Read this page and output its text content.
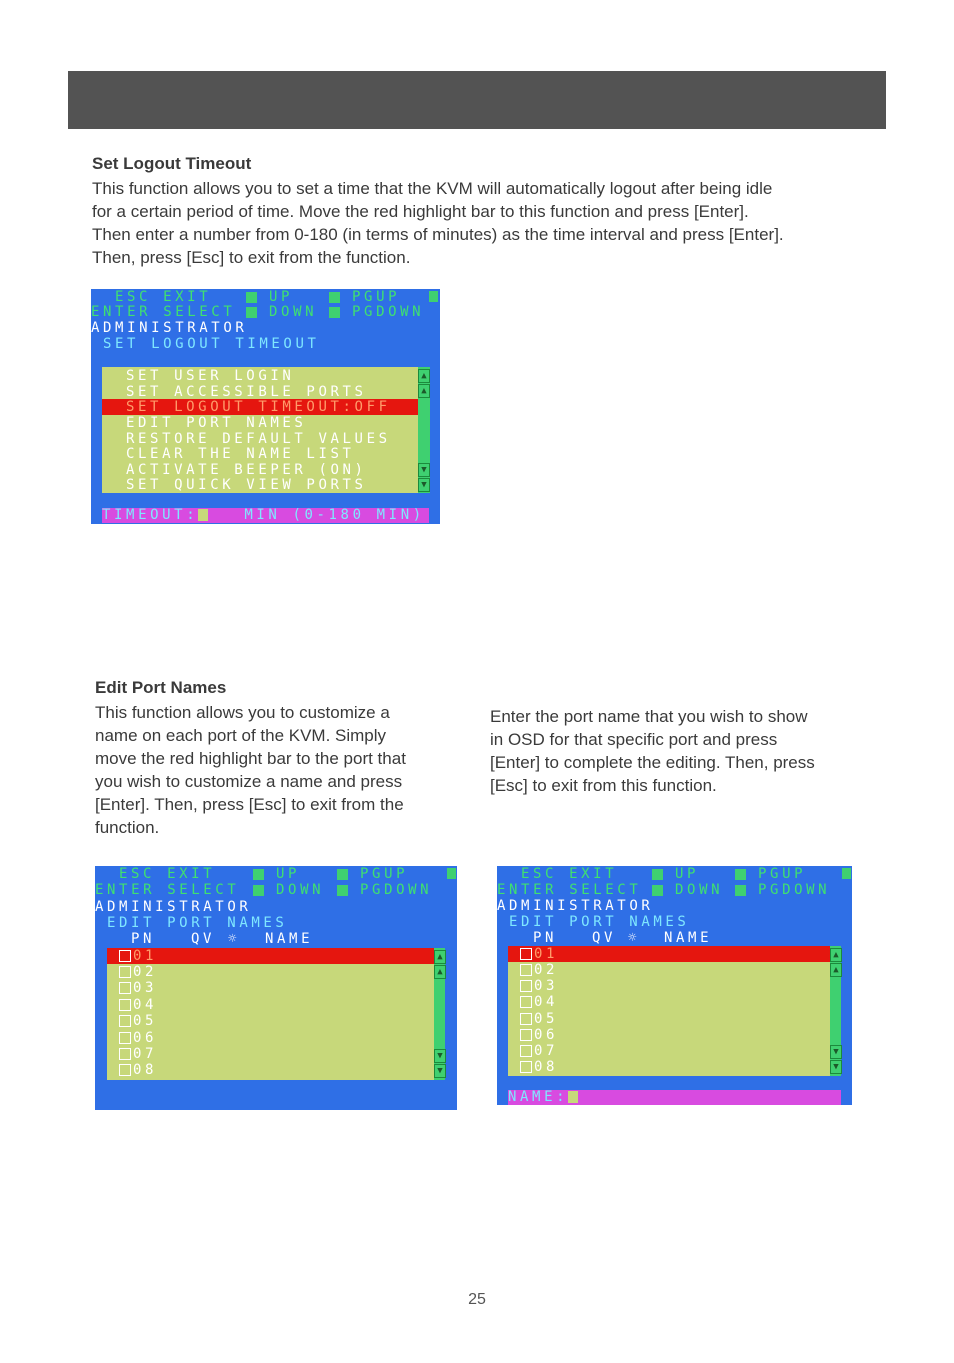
Set Logout Timeout
This function allows you to set a time that the KVM will automatically logout after being idle
for a certain period of time. Move the red highlight bar to this function and press [Enter].
Then enter a number from 0-180 (in terms of minutes) as the time interval and press [Enter].
Then, press [Esc] to exit from the function.
ESC EXIT	UP	PGUP
ENTER SELECT	DOWN	PGDOWN
ADMINISTRATOR
SET LOGOUT TIMEOUT
SET USER LOGIN
SET ACCESSIBLE PORTS
SET LOGOUT TIMEOUT:OFF
EDIT PORT NAMES
RESTORE DEFAULT VALUES
CLEAR THE NAME LIST
ACTIVATE BEEPER (ON)
SET QUICK VIEW PORTS
▲
▲
▼
▼
TIMEOUT:	MIN (0-180 MIN)
Edit Port Names
This function allows you to customize a
name on each port of the KVM. Simply
move the red highlight bar to the port that
you wish to customize a name and press
[Enter]. Then, press [Esc] to exit from the
function.
Enter the port name that you wish to show
in OSD for that specific port and press
[Enter] to complete the editing. Then, press
[Esc] to exit from this function.
ESC EXIT	UP	PGUP
ENTER SELECT	DOWN	PGDOWN
ADMINISTRATOR
EDIT PORT NAMES
PN	QV ☼ NAME
01
02
03
04
05
06
07
08
▲
▲
▼
▼
ESC EXIT	UP	PGUP
ENTER SELECT	DOWN	PGDOWN
ADMINISTRATOR
EDIT PORT NAMES
PN QV ☼ NAME
01
02
03
04
05
06
07
08
▲
▲
▼
▼
NAME:
25
